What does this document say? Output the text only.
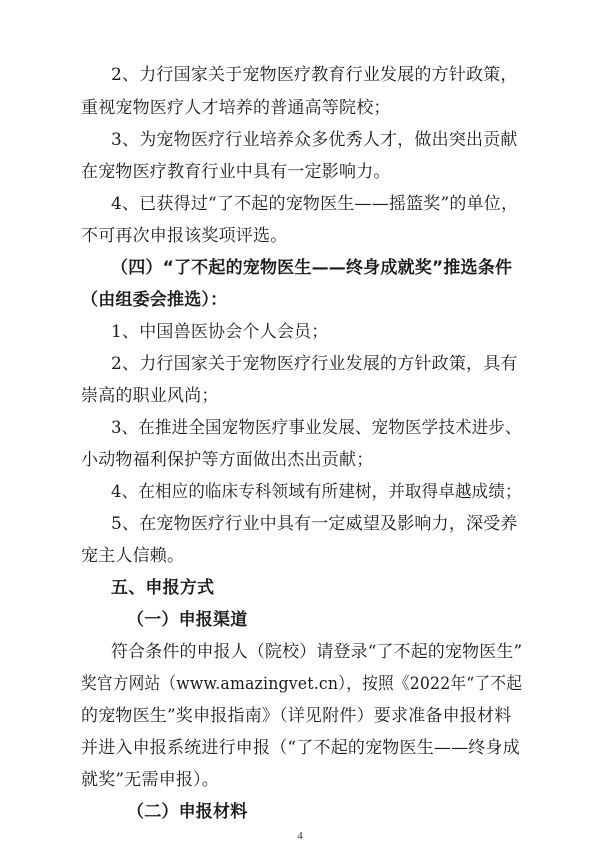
2、力行国家关于宠物医疗教育行业发展的方针政策，
重视宠物医疗人才培养的普通高等院校；
3、为宠物医疗行业培养众多优秀人才，做出突出贡献
在宠物医疗教育行业中具有一定影响力。
4、已获得过“了不起的宠物医生——摇篮奖”的单位，
不可再次申报该奖项评选。
（四）“了不起的宠物医生——终身成就奖”推选条件
（由组委会推选）：
1、中国兽医协会个人会员；
2、力行国家关于宠物医疗行业发展的方针政策，具有
崇高的职业风尚；
3、在推进全国宠物医疗事业发展、宠物医学技术进步、
小动物福利保护等方面做出杰出贡献；
4、在相应的临床专科领域有所建树，并取得卓越成绩；
5、在宠物医疗行业中具有一定威望及影响力，深受养
宠主人信赖。
五、申报方式
（一）申报渠道
符合条件的申报人（院校）请登录“了不起的宠物医生”
奖官方网站（www.amazingvet.cn），按照《2022年“了不起
的宠物医生”奖申报指南》（详见附件）要求准备申报材料
并进入申报系统进行申报（“了不起的宠物医生——终身成
就奖”无需申报）。
（二）申报材料
4
